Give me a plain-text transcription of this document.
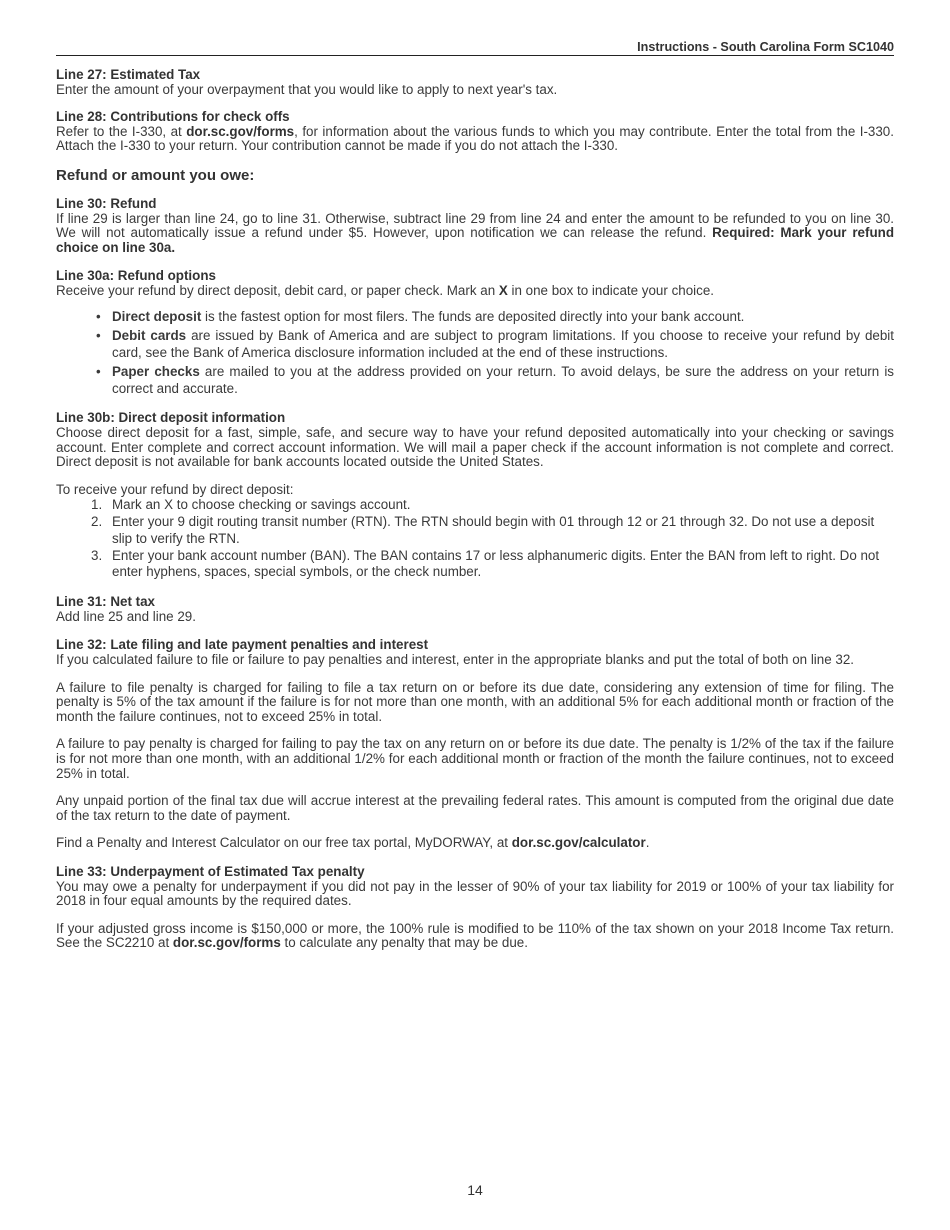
Instructions - South Carolina Form SC1040
Line 27: Estimated Tax
Enter the amount of your overpayment that you would like to apply to next year's tax.
Line 28: Contributions for check offs
Refer to the I-330, at dor.sc.gov/forms, for information about the various funds to which you may contribute. Enter the total from the I-330. Attach the I-330 to your return. Your contribution cannot be made if you do not attach the I-330.
Refund or amount you owe:
Line 30: Refund
If line 29 is larger than line 24, go to line 31. Otherwise, subtract line 29 from line 24 and enter the amount to be refunded to you on line 30. We will not automatically issue a refund under $5. However, upon notification we can release the refund. Required: Mark your refund choice on line 30a.
Line 30a: Refund options
Receive your refund by direct deposit, debit card, or paper check. Mark an X in one box to indicate your choice.
• Direct deposit is the fastest option for most filers. The funds are deposited directly into your bank account.
• Debit cards are issued by Bank of America and are subject to program limitations. If you choose to receive your refund by debit card, see the Bank of America disclosure information included at the end of these instructions.
• Paper checks are mailed to you at the address provided on your return. To avoid delays, be sure the address on your return is correct and accurate.
Line 30b: Direct deposit information
Choose direct deposit for a fast, simple, safe, and secure way to have your refund deposited automatically into your checking or savings account. Enter complete and correct account information. We will mail a paper check if the account information is not complete and correct. Direct deposit is not available for bank accounts located outside the United States.
To receive your refund by direct deposit:
1. Mark an X to choose checking or savings account.
2. Enter your 9 digit routing transit number (RTN). The RTN should begin with 01 through 12 or 21 through 32. Do not use a deposit slip to verify the RTN.
3. Enter your bank account number (BAN). The BAN contains 17 or less alphanumeric digits. Enter the BAN from left to right. Do not enter hyphens, spaces, special symbols, or the check number.
Line 31: Net tax
Add line 25 and line 29.
Line 32: Late filing and late payment penalties and interest
If you calculated failure to file or failure to pay penalties and interest, enter in the appropriate blanks and put the total of both on line 32.
A failure to file penalty is charged for failing to file a tax return on or before its due date, considering any extension of time for filing. The penalty is 5% of the tax amount if the failure is for not more than one month, with an additional 5% for each additional month or fraction of the month the failure continues, not to exceed 25% in total.
A failure to pay penalty is charged for failing to pay the tax on any return on or before its due date. The penalty is 1/2% of the tax if the failure is for not more than one month, with an additional 1/2% for each additional month or fraction of the month the failure continues, not to exceed 25% in total.
Any unpaid portion of the final tax due will accrue interest at the prevailing federal rates. This amount is computed from the original due date of the tax return to the date of payment.
Find a Penalty and Interest Calculator on our free tax portal, MyDORWAY, at dor.sc.gov/calculator.
Line 33: Underpayment of Estimated Tax penalty
You may owe a penalty for underpayment if you did not pay in the lesser of 90% of your tax liability for 2019 or 100% of your tax liability for 2018 in four equal amounts by the required dates.
If your adjusted gross income is $150,000 or more, the 100% rule is modified to be 110% of the tax shown on your 2018 Income Tax return. See the SC2210 at dor.sc.gov/forms to calculate any penalty that may be due.
14
